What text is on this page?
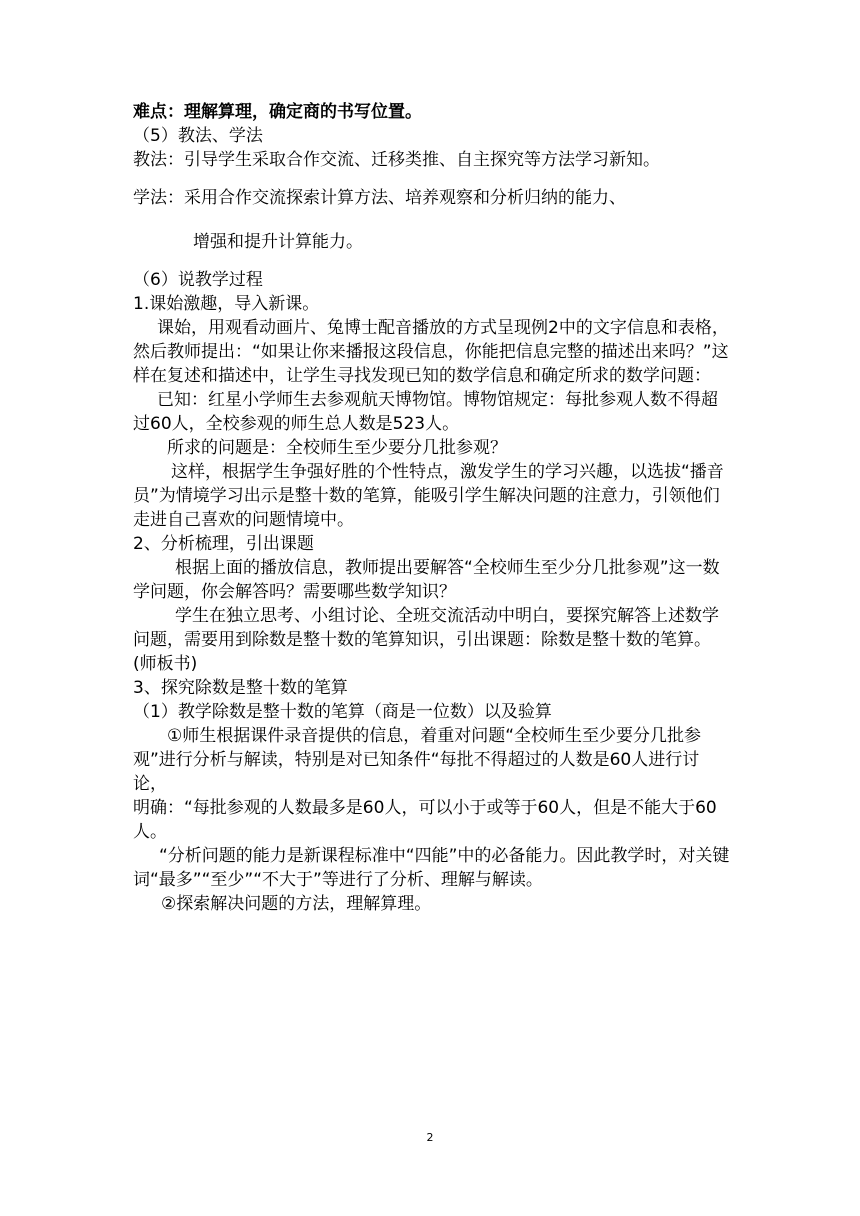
难点：理解算理，确定商的书写位置。

（5）教法、学法

教法：引导学生采取合作交流、迁移类推、自主探究等方法学习新知。

学法：采用合作交流探索计算方法、培养观察和分析归纳的能力、

增强和提升计算能力。

（6）说教学过程

1.课始激趣，导入新课。

课始，用观看动画片、兔博士配音播放的方式呈现例2中的文字信息和表格，然后教师提出：“如果让你来播报这段信息，你能把信息完整的描述出来吗？”这样在复述和描述中，让学生寻找发现已知的数学信息和确定所求的数学问题：

已知：红星小学师生去参观航天博物馆。博物馆规定：每批参观人数不得超过60人，全校参观的师生总人数是523人。

所求的问题是：全校师生至少要分几批参观？

这样，根据学生争强好胜的个性特点，激发学生的学习兴趣，以选拔“播音员”为情境学习出示是整十数的笔算，能吸引学生解决问题的注意力，引领他们走进自己喜欢的问题情境中。

2、分析梳理，引出课题

根据上面的播放信息，教师提出要解答“全校师生至少分几批参观”这一数学问题，你会解答吗？需要哪些数学知识？

学生在独立思考、小组讨论、全班交流活动中明白，要探究解答上述数学问题，需要用到除数是整十数的笔算知识，引出课题：除数是整十数的笔算。(师板书)

3、探究除数是整十数的笔算

（1）教学除数是整十数的笔算（商是一位数）以及验算

①师生根据课件录音提供的信息，着重对问题“全校师生至少要分几批参观”进行分析与解读，特别是对已知条件“每批不得超过的人数是60人进行讨论，

明确：“每批参观的人数最多是60人，可以小于或等于60人，但是不能大于60人。

“分析问题的能力是新课程标准中“四能”中的必备能力。因此教学时，对关键词“最多”“至少”“不大于”等进行了分析、理解与解读。

②探索解决问题的方法，理解算理。

2
